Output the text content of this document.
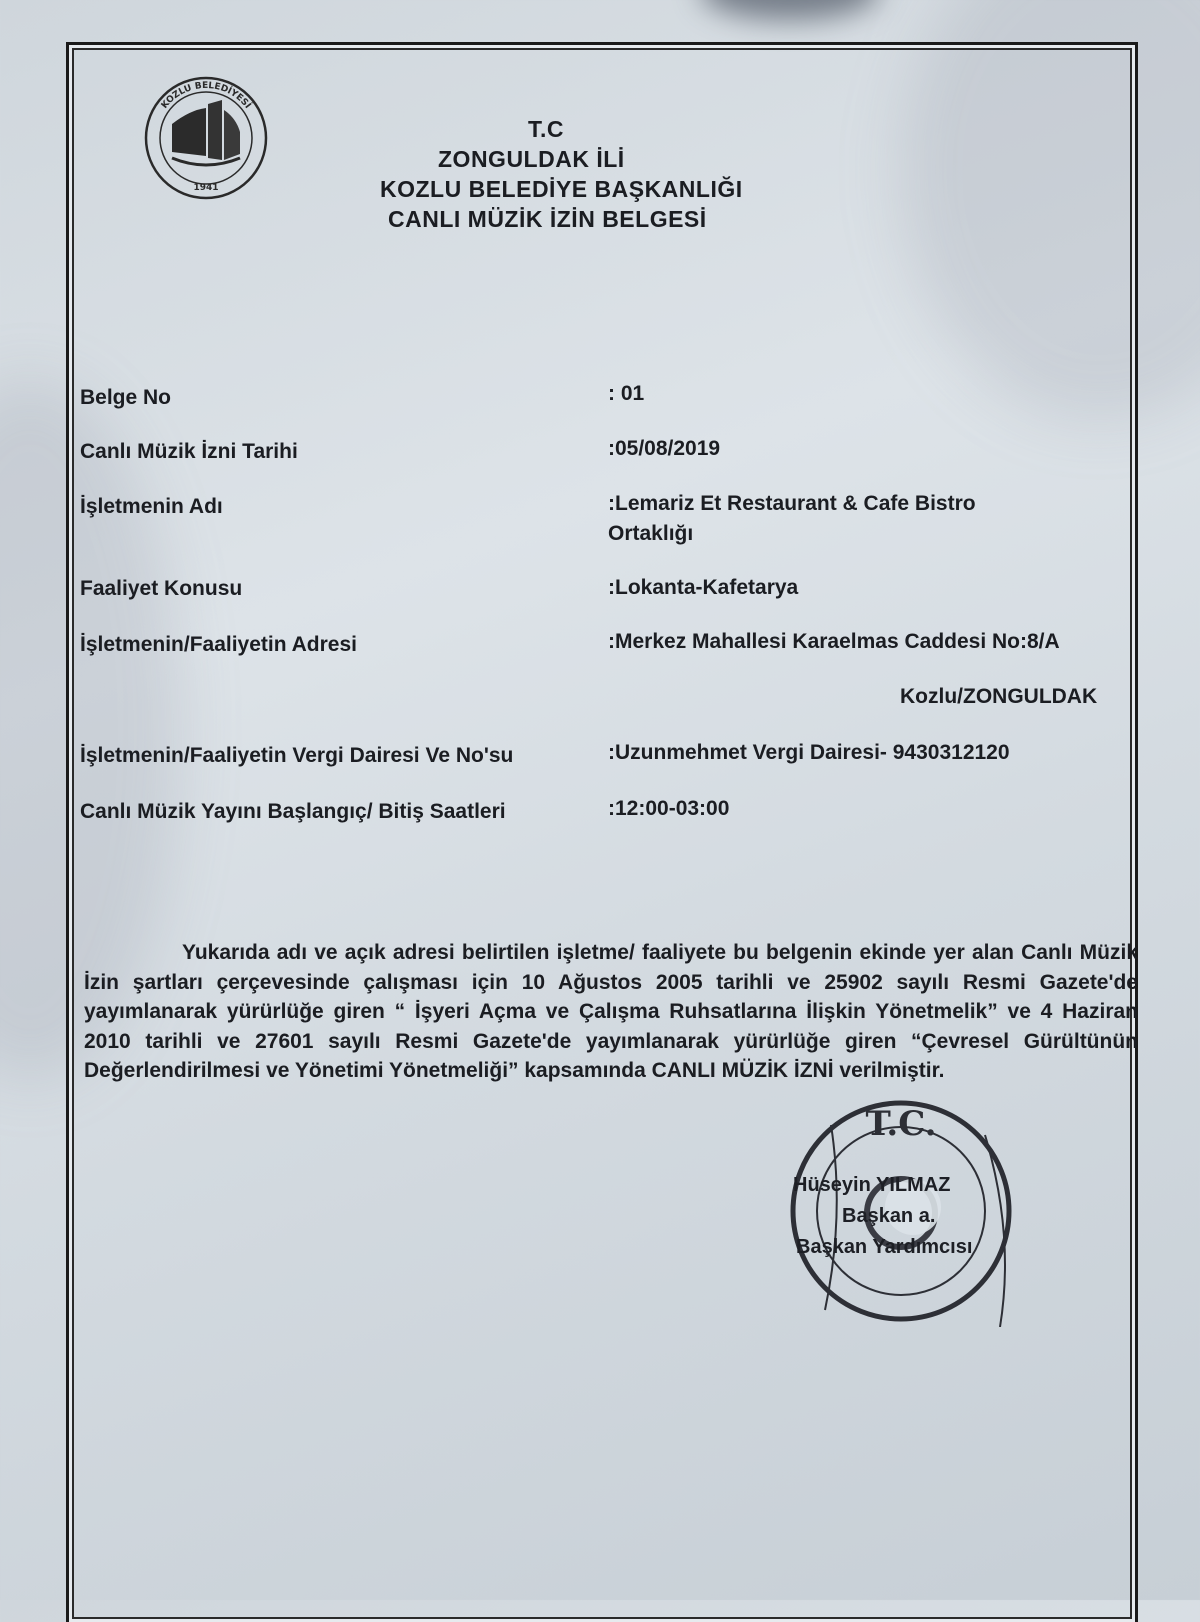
KOZLU BELEDİYESİ
1941
T.C
ZONGULDAK İLİ
KOZLU BELEDİYE BAŞKANLIĞI
CANLI MÜZİK İZİN BELGESİ
Belge No	: 01
Canlı Müzik İzni Tarihi	:05/08/2019
İşletmenin Adı	:Lemariz Et Restaurant & Cafe Bistro
Ortaklığı
Faaliyet Konusu	:Lokanta-Kafetarya
İşletmenin/Faaliyetin Adresi	:Merkez Mahallesi Karaelmas Caddesi No:8/A
Kozlu/ZONGULDAK
İşletmenin/Faaliyetin Vergi Dairesi Ve No'su	:Uzunmehmet Vergi Dairesi- 9430312120
Canlı Müzik Yayını Başlangıç/ Bitiş Saatleri	:12:00-03:00
Yukarıda adı ve açık adresi belirtilen işletme/ faaliyete bu belgenin ekinde yer alan Canlı Müzik İzin şartları çerçevesinde çalışması için 10 Ağustos 2005 tarihli ve 25902 sayılı Resmi Gazete'de yayımlanarak yürürlüğe giren “ İşyeri Açma ve Çalışma Ruhsatlarına İlişkin Yönetmelik” ve 4 Haziran 2010 tarihli ve 27601 sayılı Resmi Gazete'de yayımlanarak yürürlüğe giren “Çevresel Gürültünün Değerlendirilmesi ve Yönetimi Yönetmeliği” kapsamında CANLI MÜZİK İZNİ verilmiştir.
T.C.
Hüseyin YILMAZ
Başkan a.
Başkan Yardımcısı
